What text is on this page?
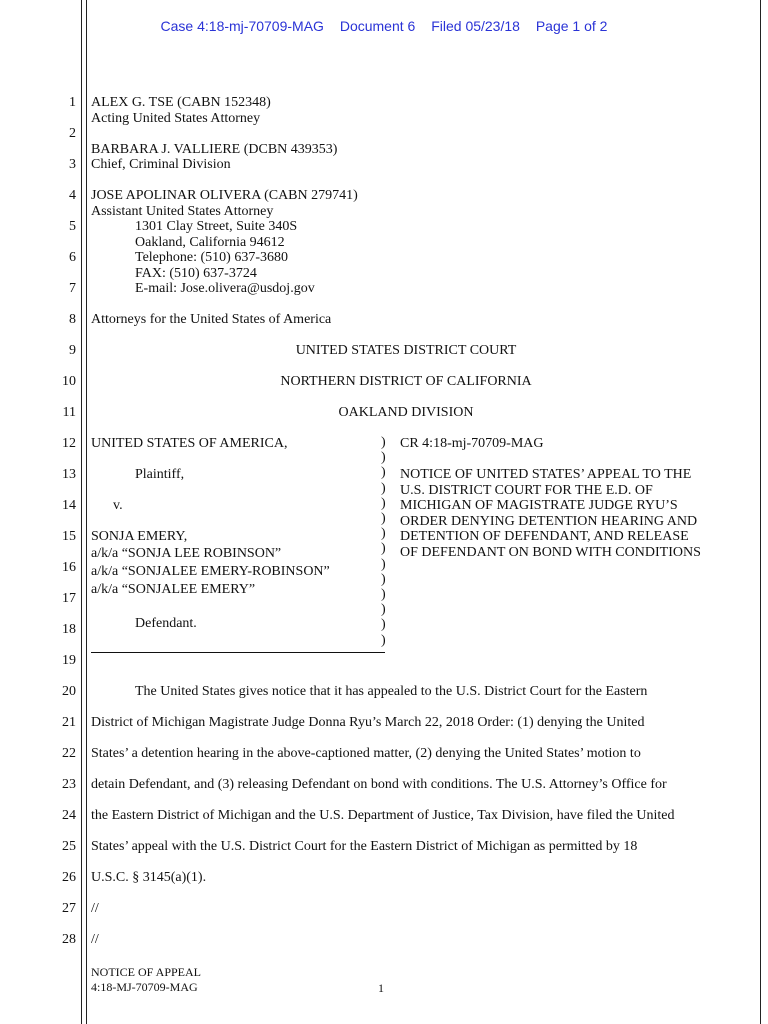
Case 4:18-mj-70709-MAG Document 6 Filed 05/23/18 Page 1 of 2
1
2
3
4
5
6
7
8
9
10
11
12
13
14
15
16
17
18
19
20
21
22
23
24
25
26
27
28
ALEX G. TSE (CABN 152348)
Acting United States Attorney
BARBARA J. VALLIERE (DCBN 439353)
Chief, Criminal Division
JOSE APOLINAR OLIVERA (CABN 279741)
Assistant United States Attorney
1301 Clay Street, Suite 340S
Oakland, California 94612
Telephone: (510) 637-3680
FAX: (510) 637-3724
E-mail: Jose.olivera@usdoj.gov
Attorneys for the United States of America
UNITED STATES DISTRICT COURT
NORTHERN DISTRICT OF CALIFORNIA
OAKLAND DIVISION
UNITED STATES OF AMERICA,
Plaintiff,
v.
SONJA EMERY,
a/k/a “SONJA LEE ROBINSON”
a/k/a “SONJALEE EMERY-ROBINSON”
a/k/a “SONJALEE EMERY”
Defendant.
)
)
)
)
)
)
)
)
)
)
)
)
)
)
CR 4:18-mj-70709-MAG
NOTICE OF UNITED STATES’ APPEAL TO THE
U.S. DISTRICT COURT FOR THE E.D. OF
MICHIGAN OF MAGISTRATE JUDGE RYU’S
ORDER DENYING DETENTION HEARING AND
DETENTION OF DEFENDANT, AND RELEASE
OF DEFENDANT ON BOND WITH CONDITIONS
The United States gives notice that it has appealed to the U.S. District Court for the Eastern
District of Michigan Magistrate Judge Donna Ryu’s March 22, 2018 Order: (1) denying the United
States’ a detention hearing in the above-captioned matter, (2) denying the United States’ motion to
detain Defendant, and (3) releasing Defendant on bond with conditions. The U.S. Attorney’s Office for
the Eastern District of Michigan and the U.S. Department of Justice, Tax Division, have filed the United
States’ appeal with the U.S. District Court for the Eastern District of Michigan as permitted by 18
U.S.C. § 3145(a)(1).
//
//
NOTICE OF APPEAL
4:18-MJ-70709-MAG	1
